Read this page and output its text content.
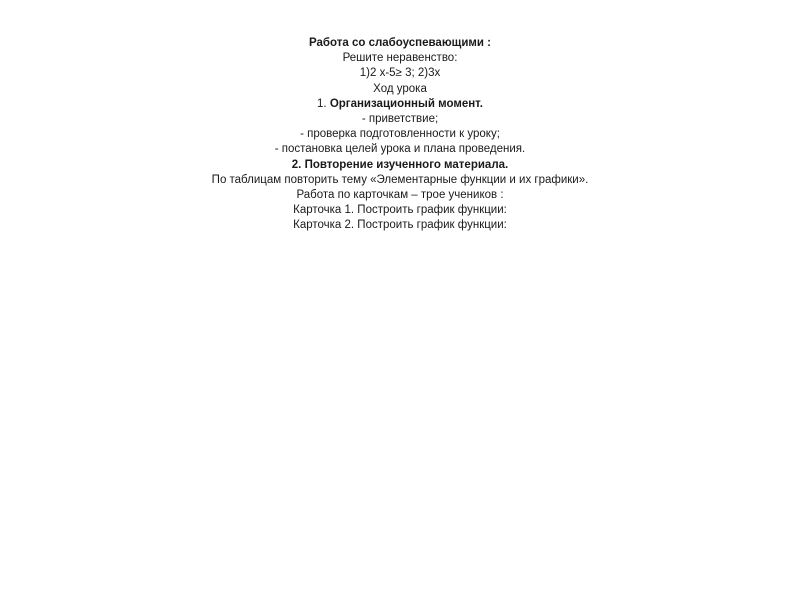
Работа со слабоуспевающими :
Решите неравенство:
1)2 х-5≥ 3; 2)3х
Ход урока
1. Организационный момент.
- приветствие;
- проверка подготовленности к уроку;
- постановка целей урока и плана проведения.
2. Повторение изученного материала.
По таблицам повторить тему «Элементарные функции и их графики».
Работа по карточкам – трое учеников :
Карточка 1. Построить график функции:
Карточка 2. Построить график функции:
